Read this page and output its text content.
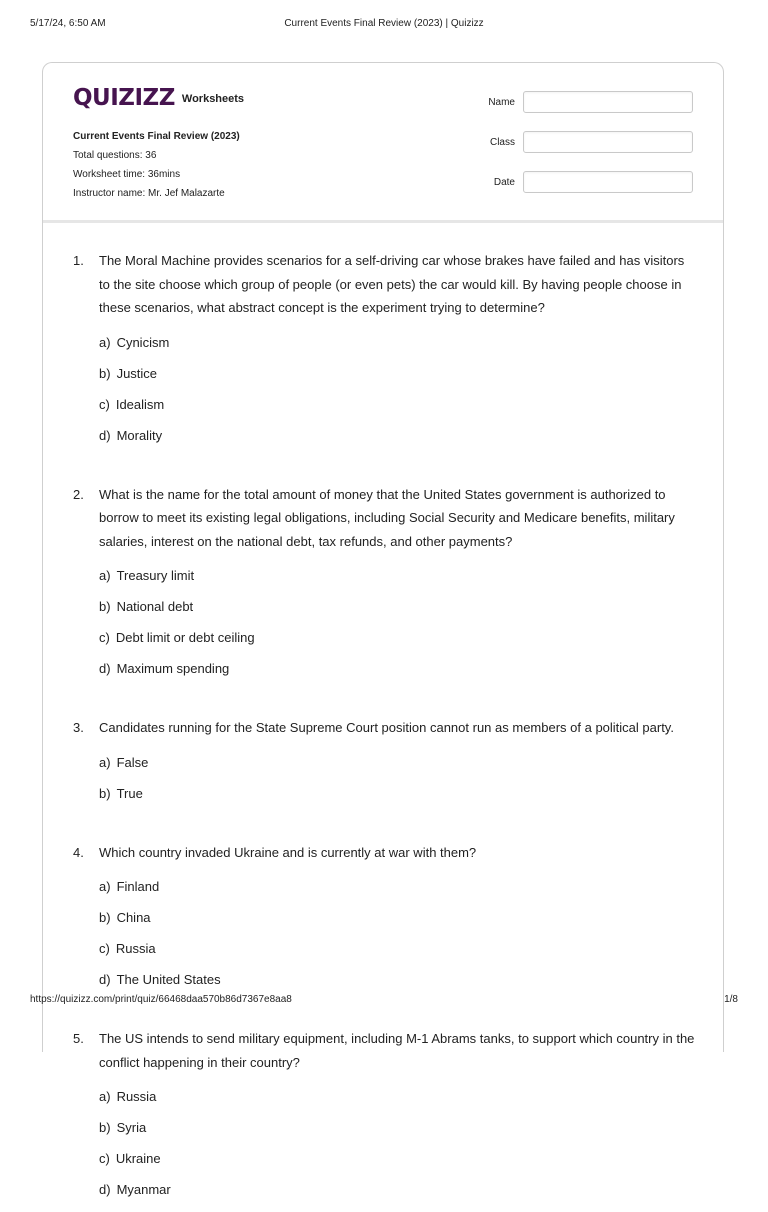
5/17/24, 6:50 AM	Current Events Final Review (2023) | Quizizz
QUIZIZZ Worksheets
Current Events Final Review (2023)
Total questions: 36
Worksheet time: 36mins
Instructor name: Mr. Jef Malazarte
Name
Class
Date
1. The Moral Machine provides scenarios for a self-driving car whose brakes have failed and has visitors to the site choose which group of people (or even pets) the car would kill. By having people choose in these scenarios, what abstract concept is the experiment trying to determine?
a) Cynicism
b) Justice
c) Idealism
d) Morality
2. What is the name for the total amount of money that the United States government is authorized to borrow to meet its existing legal obligations, including Social Security and Medicare benefits, military salaries, interest on the national debt, tax refunds, and other payments?
a) Treasury limit
b) National debt
c) Debt limit or debt ceiling
d) Maximum spending
3. Candidates running for the State Supreme Court position cannot run as members of a political party.
a) False
b) True
4. Which country invaded Ukraine and is currently at war with them?
a) Finland
b) China
c) Russia
d) The United States
5. The US intends to send military equipment, including M-1 Abrams tanks, to support which country in the conflict happening in their country?
a) Russia
b) Syria
c) Ukraine
d) Myanmar
https://quizizz.com/print/quiz/66468daa570b86d7367e8aa8	1/8
